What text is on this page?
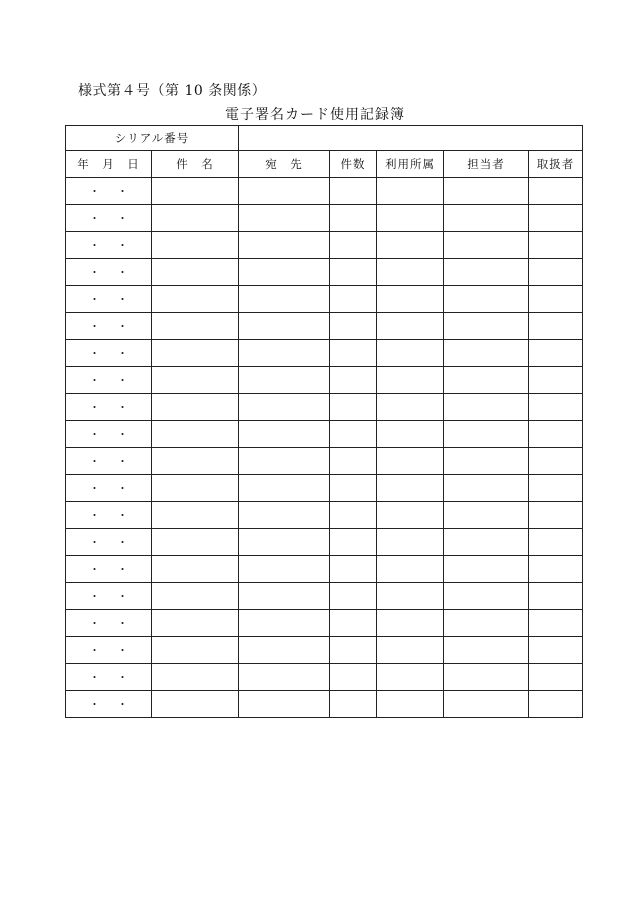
様式第４号（第 10 条関係）
電子署名カード使用記録簿
シリアル番号						
年　月　日	件　名	宛　先	件数	利用所属	担当者	取扱者
・ ・						
・ ・						
・ ・						
・ ・						
・ ・						
・ ・						
・ ・						
・ ・						
・ ・						
・ ・						
・ ・						
・ ・						
・ ・						
・ ・						
・ ・						
・ ・						
・ ・						
・ ・						
・ ・						
・ ・						
